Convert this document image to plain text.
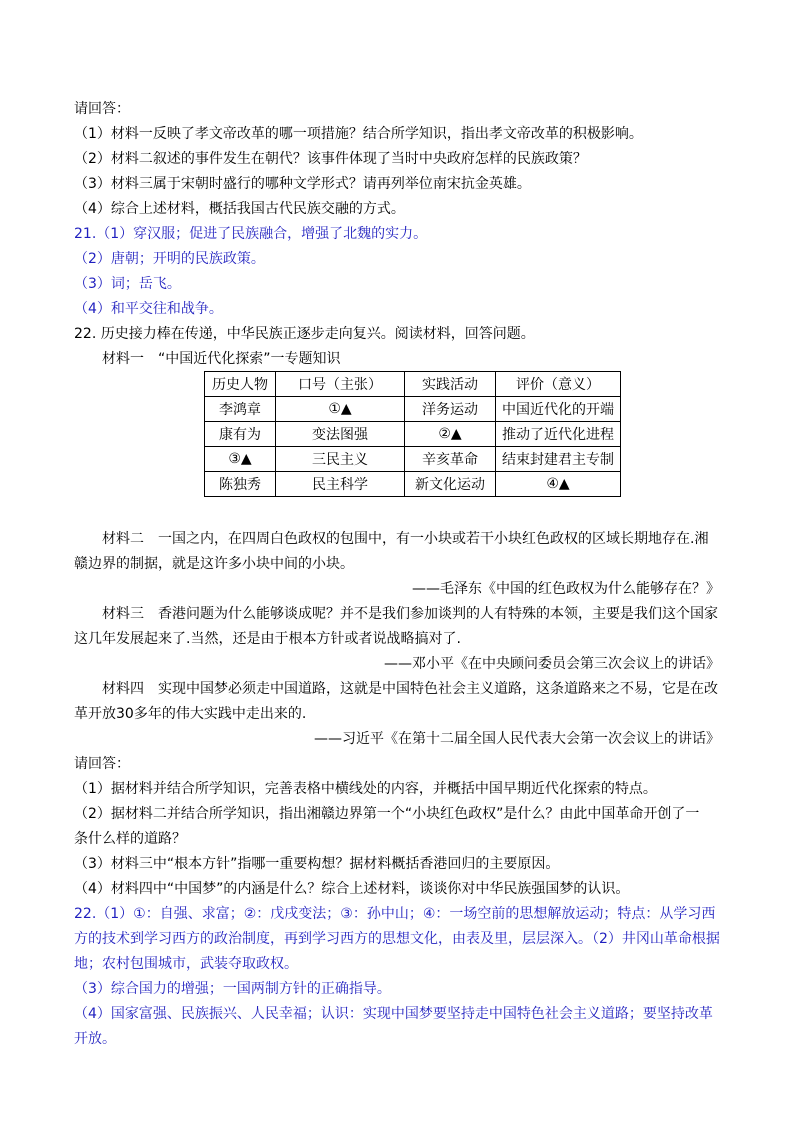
请回答：
（1）材料一反映了孝文帝改革的哪一项措施？结合所学知识，指出孝文帝改革的积极影响。
（2）材料二叙述的事件发生在朝代？该事件体现了当时中央政府怎样的民族政策？
（3）材料三属于宋朝时盛行的哪种文学形式？请再列举位南宋抗金英雄。
（4）综合上述材料，概括我国古代民族交融的方式。
21.（1）穿汉服；促进了民族融合，增强了北魏的实力。
（2）唐朝；开明的民族政策。
（3）词；岳飞。
（4）和平交往和战争。
22. 历史接力棒在传递，中华民族正逐步走向复兴。阅读材料，回答问题。
材料一　“中国近代化探索”一专题知识
历史人物	口号（主张）	实践活动	评价（意义）
李鸿章	①▲	洋务运动	中国近代化的开端
康有为	变法图强	②▲	推动了近代化进程
③▲	三民主义	辛亥革命	结束封建君主专制
陈独秀	民主科学	新文化运动	④▲
材料二　一国之内，在四周白色政权的包围中，有一小块或若干小块红色政权的区域长期地存在.湘
赣边界的制据，就是这许多小块中间的小块。
——毛泽东《中国的红色政权为什么能够存在？》
材料三　香港问题为什么能够谈成呢？并不是我们参加谈判的人有特殊的本领，主要是我们这个国家
这几年发展起来了.当然，还是由于根本方针或者说战略搞对了.
——邓小平《在中央顾问委员会第三次会议上的讲话》
材料四　实现中国梦必须走中国道路，这就是中国特色社会主义道路，这条道路来之不易，它是在改
革开放30多年的伟大实践中走出来的.
——习近平《在第十二届全国人民代表大会第一次会议上的讲话》
请回答：
（1）据材料并结合所学知识，完善表格中横线处的内容，并概括中国早期近代化探索的特点。
（2）据材料二并结合所学知识，指出湘赣边界第一个“小块红色政权”是什么？由此中国革命开创了一
条什么样的道路？
（3）材料三中“根本方针”指哪一重要构想？据材料概括香港回归的主要原因。
（4）材料四中“中国梦”的内涵是什么？综合上述材料，谈谈你对中华民族强国梦的认识。
22.（1）①：自强、求富；②：戊戌变法；③：孙中山；④：一场空前的思想解放运动；特点：从学习西
方的技术到学习西方的政治制度，再到学习西方的思想文化，由表及里，层层深入。（2）井冈山革命根据
地；农村包围城市，武装夺取政权。
（3）综合国力的增强；一国两制方针的正确指导。
（4）国家富强、民族振兴、人民幸福；认识：实现中国梦要坚持走中国特色社会主义道路；要坚持改革
开放。
